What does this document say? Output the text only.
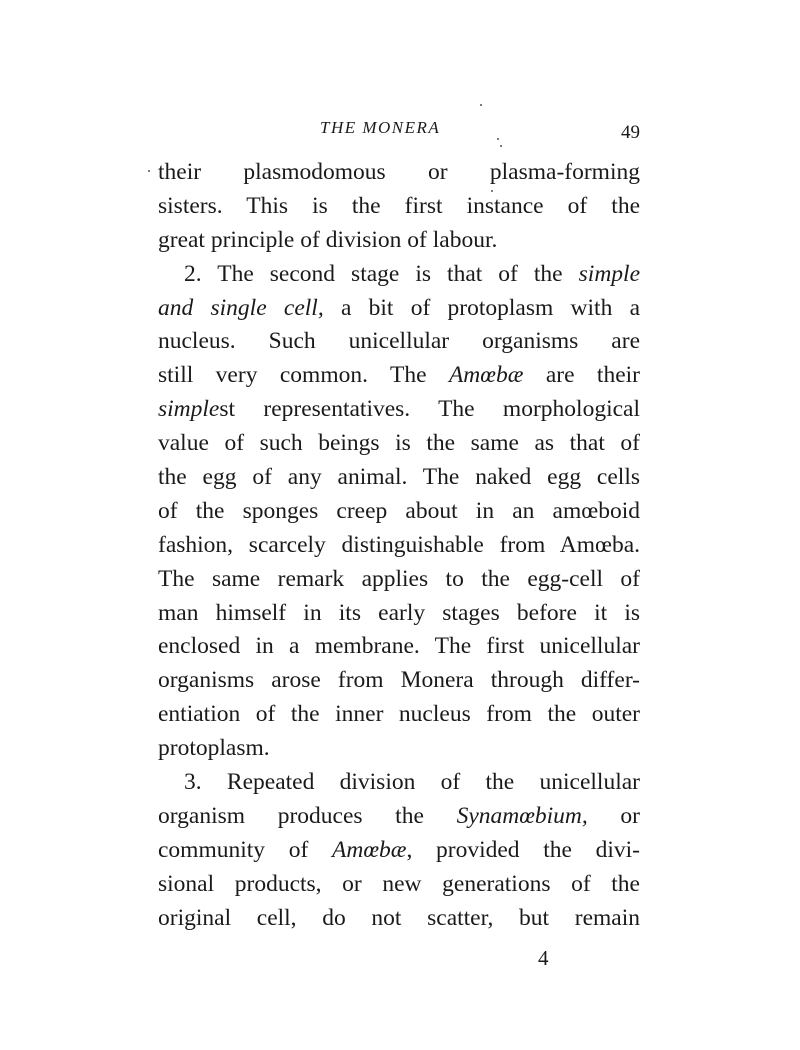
THE MONERA	49
their plasmodomous or plasma-forming
sisters. This is the first instance of the
great principle of division of labour.
2. The second stage is that of the simple
and single cell, a bit of protoplasm with a
nucleus. Such unicellular organisms are
still very common. The Amœbæ are their
simplest representatives. The morphological
value of such beings is the same as that of
the egg of any animal. The naked egg cells
of the sponges creep about in an amœboid
fashion, scarcely distinguishable from Amœba.
The same remark applies to the egg-cell of
man himself in its early stages before it is
enclosed in a membrane. The first unicellular
organisms arose from Monera through differ-
entiation of the inner nucleus from the outer
protoplasm.
3. Repeated division of the unicellular
organism produces the Synamœbium, or
community of Amœbæ, provided the divi-
sional products, or new generations of the
original cell, do not scatter, but remain
4
